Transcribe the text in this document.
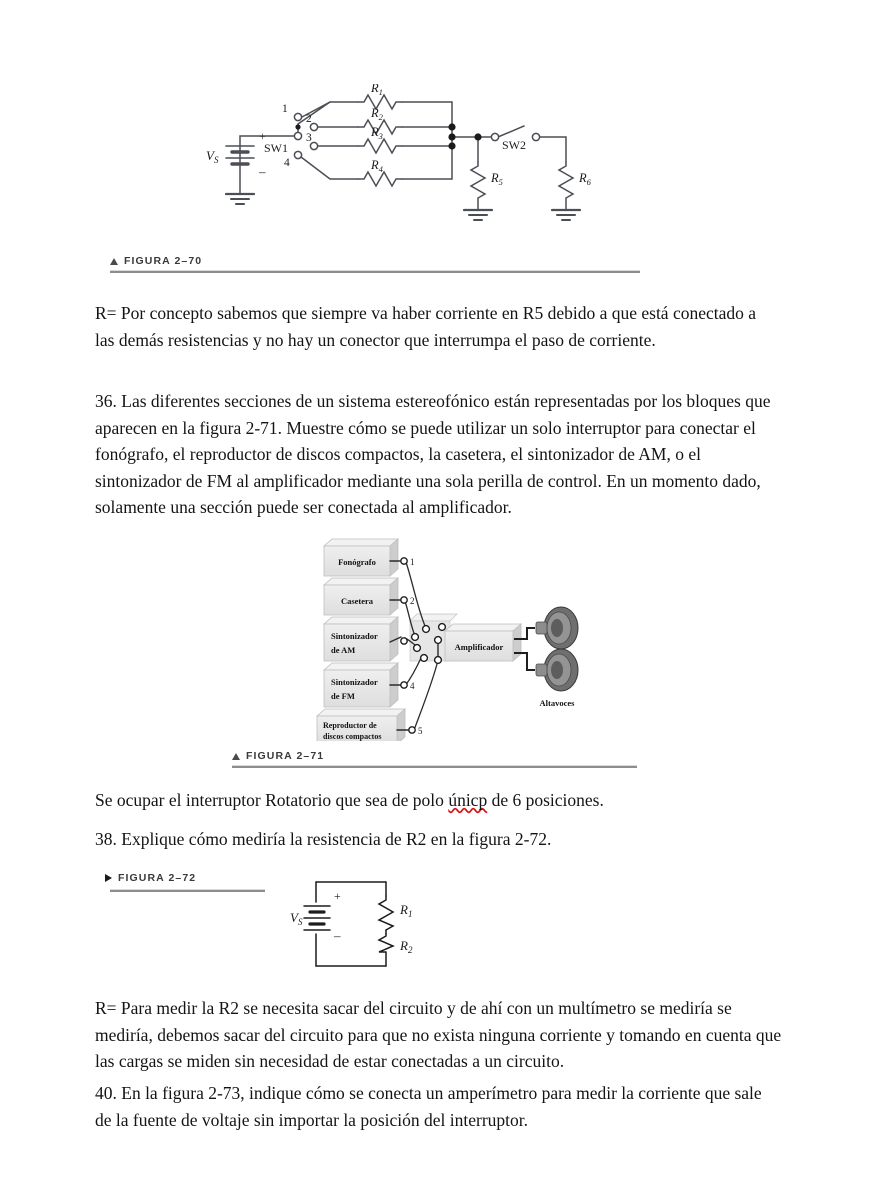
$V_S$
+
–
1
2
3
4
SW1	SW2
$R_1$
$R_2$
$R_3$
$R_4$
$R_5$	$R_6$
FIGURA 2–70

R= Por concepto sabemos que siempre va haber corriente en R5 debido a que está conectado a las demás resistencias y no hay un conector que interrumpa el paso de corriente.

36. Las diferentes secciones de un sistema estereofónico están representadas por los bloques que aparecen en la figura 2-71. Muestre cómo se puede utilizar un solo interruptor para conectar el fonógrafo, el reproductor de discos compactos, la casetera, el sintonizador de AM, o el sintonizador de FM al amplificador mediante una sola perilla de control. En un momento dado, solamente una sección puede ser conectada al amplificador.

Se ocupar el interruptor Rotatorio que sea de polo únicp de 6 posiciones.

38. Explique cómo mediría la resistencia de R2 en la figura 2-72.

R= Para medir la R2 se necesita sacar del circuito y de ahí con un multímetro se mediría se mediría, debemos sacar del circuito para que no exista ninguna corriente y tomando en cuenta que las cargas se miden sin necesidad de estar conectadas a un circuito.

40. En la figura 2-73, indique cómo se conecta un amperímetro para medir la corriente que sale de la fuente de voltaje sin importar la posición del interruptor.

Fonógrafo
Casetera
Sintonizador
de AM
Sintonizador
de FM
Reproductor de
discos compactos
Amplificador
1
2
4
5
Altavoces
FIGURA 2–71
FIGURA 2–72
$V_S$
+
–
$R_1$
$R_2$
